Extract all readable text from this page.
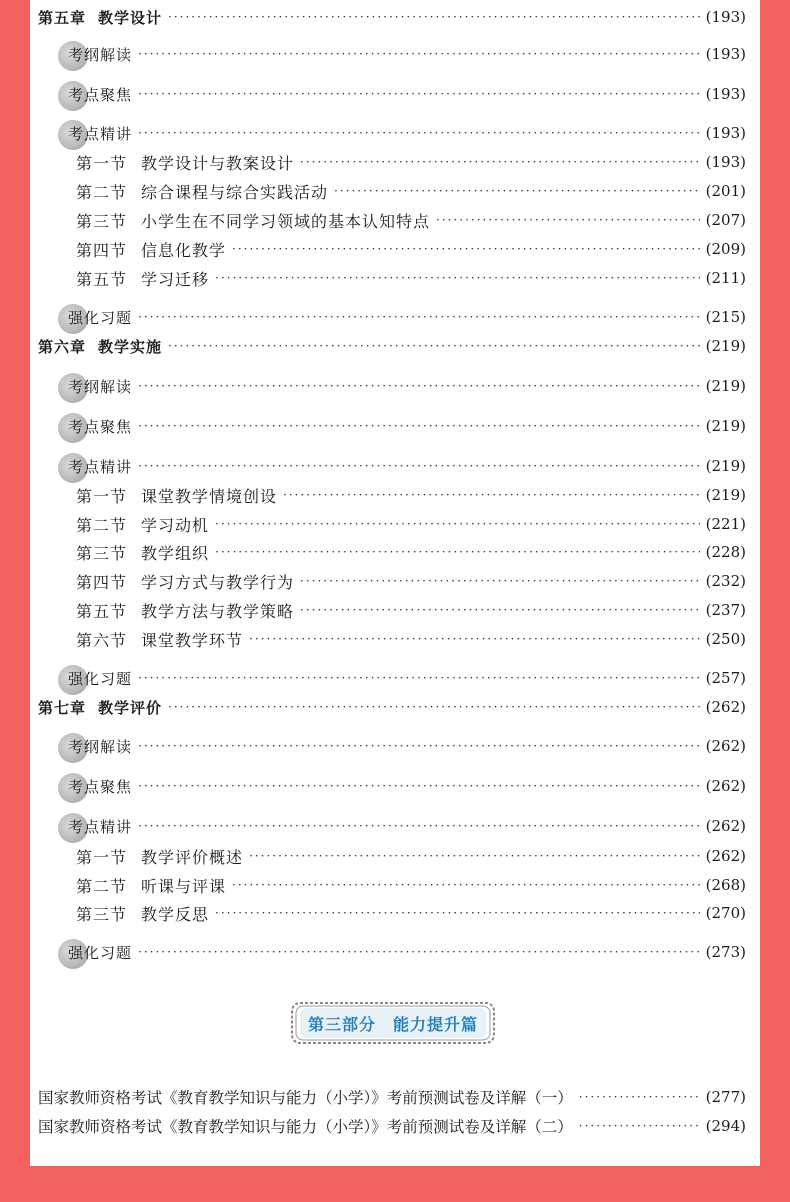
第五章 教学设计 ·····	(193)
考纲解读 ·····	(193)
考点聚焦 ·····	(193)
考点精讲 ·····	(193)
第一节 教学设计与教案设计 ·····	(193)
第二节 综合课程与综合实践活动 ·····	(201)
第三节 小学生在不同学习领域的基本认知特点 ·····	(207)
第四节 信息化教学 ·····	(209)
第五节 学习迁移 ·····	(211)
强化习题 ·····	(215)
第六章 教学实施 ·····	(219)
考纲解读 ·····	(219)
考点聚焦 ·····	(219)
考点精讲 ·····	(219)
第一节 课堂教学情境创设 ·····	(219)
第二节 学习动机 ·····	(221)
第三节 教学组织 ·····	(228)
第四节 学习方式与教学行为 ·····	(232)
第五节 教学方法与教学策略 ·····	(237)
第六节 课堂教学环节 ·····	(250)
强化习题 ·····	(257)
第七章 教学评价 ·····	(262)
考纲解读 ·····	(262)
考点聚焦 ·····	(262)
考点精讲 ·····	(262)
第一节 教学评价概述 ·····	(262)
第二节 听课与评课 ·····	(268)
第三节 教学反思 ·····	(270)
强化习题 ·····	(273)
国家教师资格考试《教育教学知识与能力（小学）》考前预测试卷及详解（一） ·····	(277)
国家教师资格考试《教育教学知识与能力（小学）》考前预测试卷及详解（二） ·····	(294)
第三部分　能力提升篇
